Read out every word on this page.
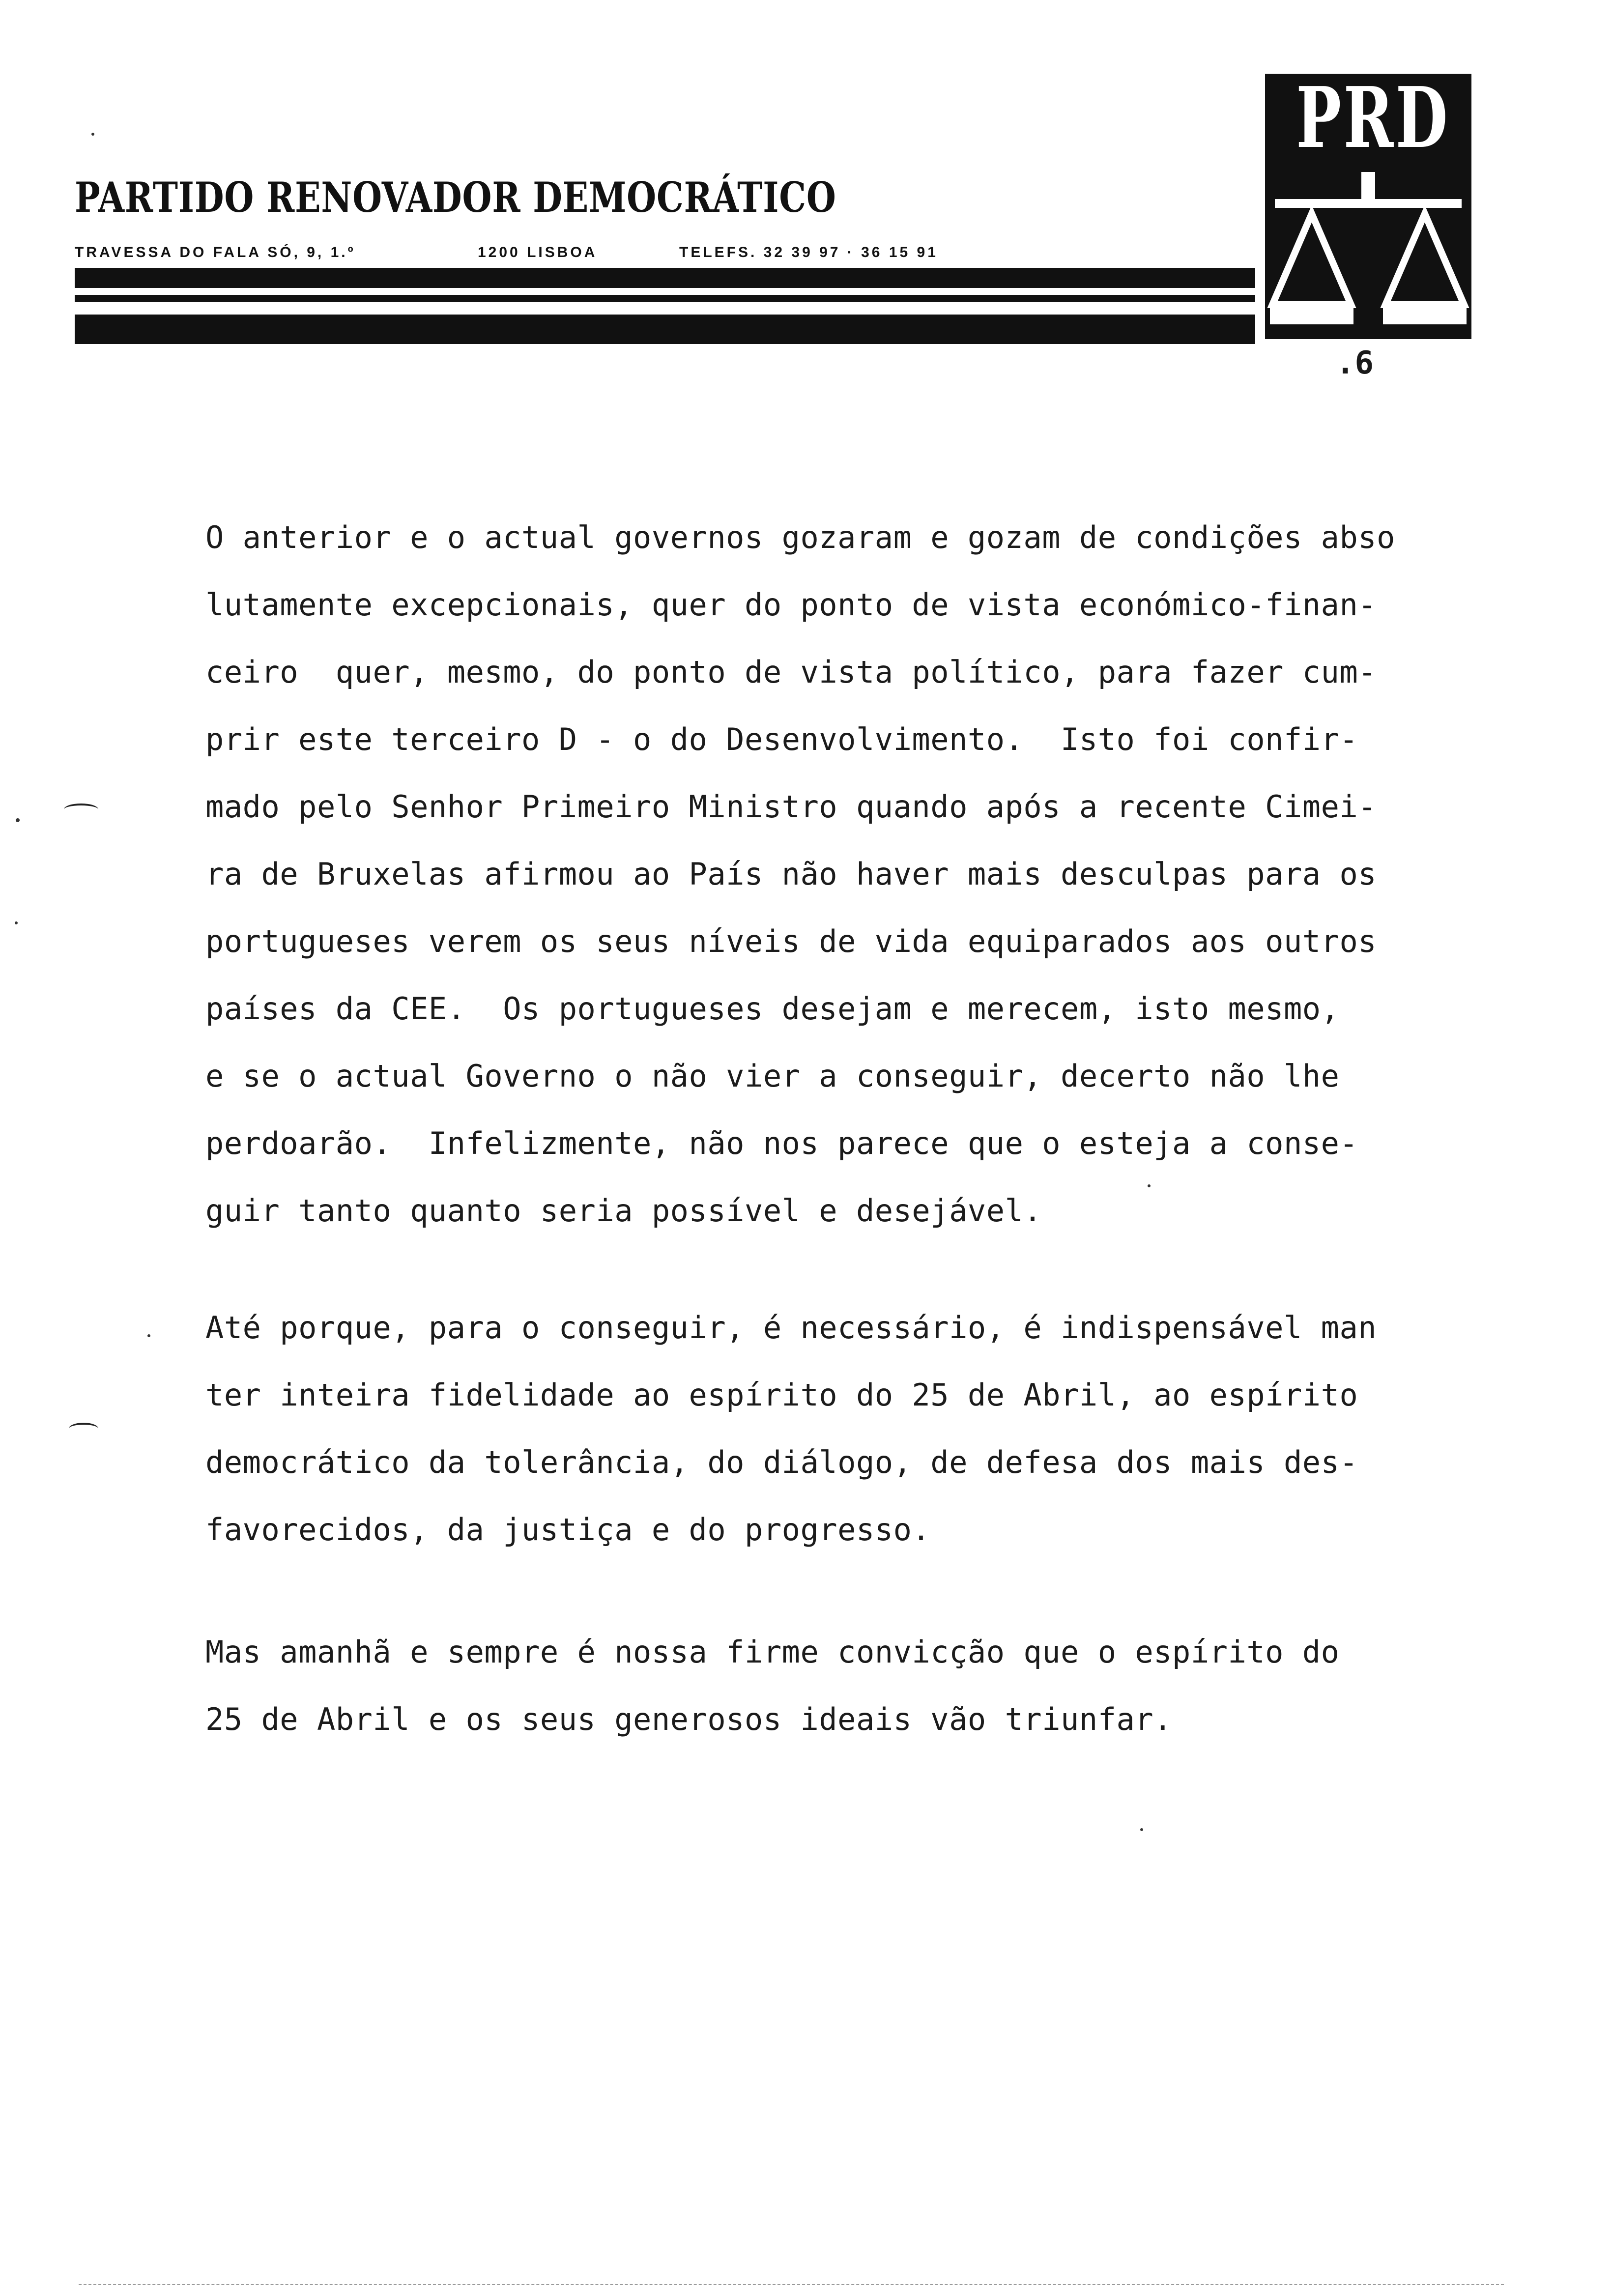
PARTIDO RENOVADOR DEMOCRÁTICO
TRAVESSA DO FALA SÓ, 9, 1.º	1200 LISBOA	TELEFS. 32 39 97 · 36 15 91
PRD
.6
O anterior e o actual governos gozaram e gozam de condições abso
lutamente excepcionais, quer do ponto de vista económico-finan-
ceiro  quer, mesmo, do ponto de vista político, para fazer cum-
prir este terceiro D - o do Desenvolvimento.  Isto foi confir-
mado pelo Senhor Primeiro Ministro quando após a recente Cimei-
ra de Bruxelas afirmou ao País não haver mais desculpas para os
portugueses verem os seus níveis de vida equiparados aos outros
países da CEE.  Os portugueses desejam e merecem, isto mesmo,
e se o actual Governo o não vier a conseguir, decerto não lhe
perdoarão.  Infelizmente, não nos parece que o esteja a conse-
guir tanto quanto seria possível e desejável.
Até porque, para o conseguir, é necessário, é indispensável man
ter inteira fidelidade ao espírito do 25 de Abril, ao espírito
democrático da tolerância, do diálogo, de defesa dos mais des-
favorecidos, da justiça e do progresso.
Mas amanhã e sempre é nossa firme convicção que o espírito do
25 de Abril e os seus generosos ideais vão triunfar.
